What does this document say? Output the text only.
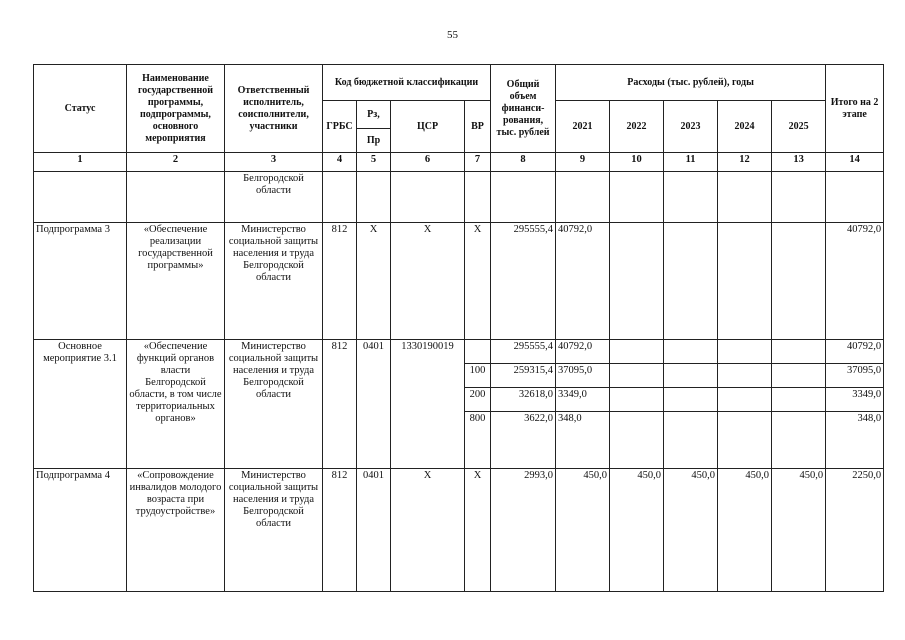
55
Статус	Наименование государственной программы, подпрограммы, основного мероприятия	Ответственный исполнитель, соисполнители, участники	Код бюджетной классификации				Общий объем финанси-рования, тыс. рублей	Расходы (тыс. рублей), годы					Итого на 2 этапе
			ГРБС	Рз,	ЦСР	ВР		2021	2022	2023	2024	2025	
				Пр									
1	2	3	4	5	6	7	8	9	10	11	12	13	14
		Белгородской области											
Подпрограмма 3	«Обеспечение реализации государственной программы»	Министерство социальной защиты населения и труда Белгородской области	812	Х	Х	Х	295555,4	40792,0					40792,0
Основное мероприятие 3.1	«Обеспечение функций органов власти Белгородской области, в том числе территориальных органов»	Министерство социальной защиты населения и труда Белгородской области	812	0401	1330190019		295555,4	40792,0					40792,0
						100	259315,4	37095,0					37095,0
						200	32618,0	3349,0					3349,0
						800	3622,0	348,0					348,0
Подпрограмма 4	«Сопровождение инвалидов молодого возраста при трудоустройстве»	Министерство социальной защиты населения и труда Белгородской области	812	0401	Х	Х	2993,0	450,0	450,0	450,0	450,0	450,0	2250,0
